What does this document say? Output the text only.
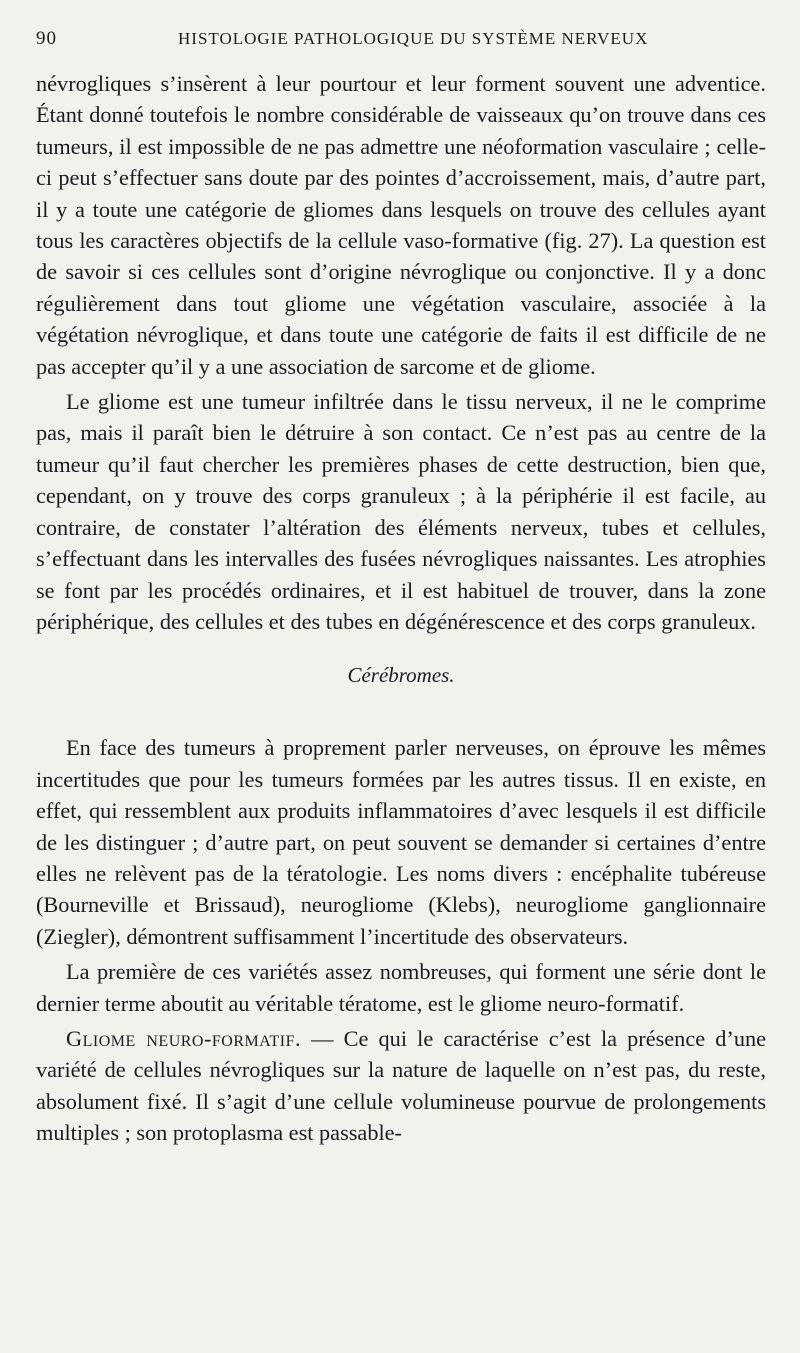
90	HISTOLOGIE PATHOLOGIQUE DU SYSTÈME NERVEUX

névrogliques s’insèrent à leur pourtour et leur forment souvent une adventice. Étant donné toutefois le nombre considérable de vaisseaux qu’on trouve dans ces tumeurs, il est impossible de ne pas admettre une néoformation vasculaire ; celle-ci peut s’effectuer sans doute par des pointes d’accroissement, mais, d’autre part, il y a toute une catégorie de gliomes dans lesquels on trouve des cellules ayant tous les caractères objectifs de la cellule vaso-formative (fig. 27). La question est de savoir si ces cellules sont d’origine névroglique ou conjonctive. Il y a donc régulièrement dans tout gliome une végétation vasculaire, associée à la végétation névroglique, et dans toute une catégorie de faits il est difficile de ne pas accepter qu’il y a une association de sarcome et de gliome.

Le gliome est une tumeur infiltrée dans le tissu nerveux, il ne le comprime pas, mais il paraît bien le détruire à son contact. Ce n’est pas au centre de la tumeur qu’il faut chercher les premières phases de cette destruction, bien que, cependant, on y trouve des corps granuleux ; à la périphérie il est facile, au contraire, de constater l’altération des éléments nerveux, tubes et cellules, s’effectuant dans les intervalles des fusées névrogliques naissantes. Les atrophies se font par les procédés ordinaires, et il est habituel de trouver, dans la zone périphérique, des cellules et des tubes en dégénérescence et des corps granuleux.

Cérébromes.

En face des tumeurs à proprement parler nerveuses, on éprouve les mêmes incertitudes que pour les tumeurs formées par les autres tissus. Il en existe, en effet, qui ressemblent aux produits inflammatoires d’avec lesquels il est difficile de les distinguer ; d’autre part, on peut souvent se demander si certaines d’entre elles ne relèvent pas de la tératologie. Les noms divers : encéphalite tubéreuse (Bourneville et Brissaud), neurogliome (Klebs), neurogliome ganglionnaire (Ziegler), démontrent suffisamment l’incertitude des observateurs.

La première de ces variétés assez nombreuses, qui forment une série dont le dernier terme aboutit au véritable tératome, est le gliome neuro-formatif.

Gliome neuro-formatif. — Ce qui le caractérise c’est la présence d’une variété de cellules névrogliques sur la nature de laquelle on n’est pas, du reste, absolument fixé. Il s’agit d’une cellule volumineuse pourvue de prolongements multiples ; son protoplasma est passable-
